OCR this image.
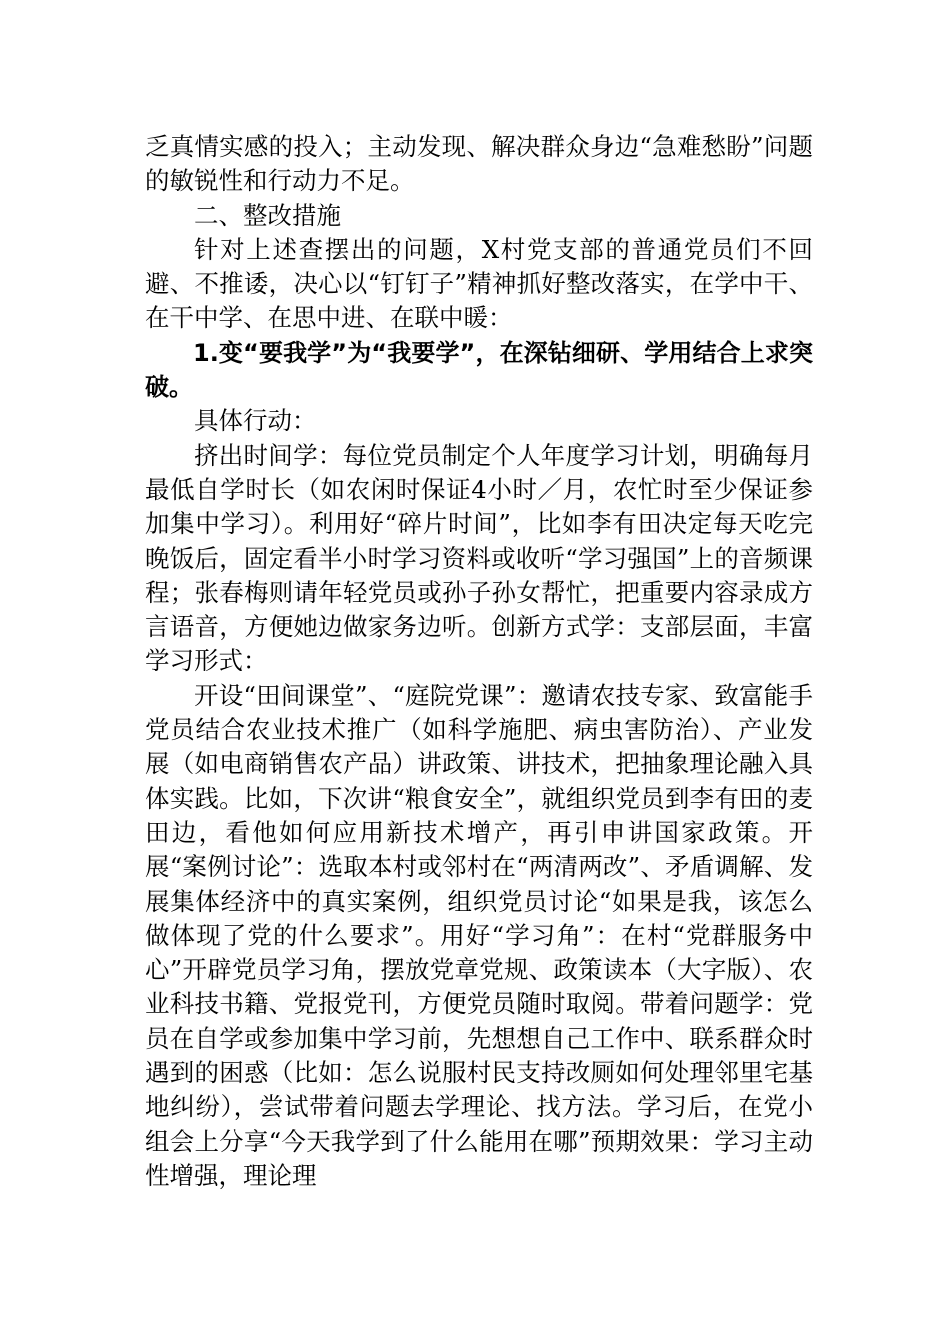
乏真情实感的投入；主动发现、解决群众身边“急难愁盼”问题的敏锐性和行动力不足。

二、整改措施

针对上述查摆出的问题，X村党支部的普通党员们不回避、不推诿，决心以“钉钉子”精神抓好整改落实，在学中干、在干中学、在思中进、在联中暖：

1.变“要我学”为“我要学”，在深钻细研、学用结合上求突破。

具体行动：

挤出时间学：每位党员制定个人年度学习计划，明确每月最低自学时长（如农闲时保证4小时／月，农忙时至少保证参加集中学习）。利用好“碎片时间”，比如李有田决定每天吃完晚饭后，固定看半小时学习资料或收听“学习强国”上的音频课程；张春梅则请年轻党员或孙子孙女帮忙，把重要内容录成方言语音，方便她边做家务边听。创新方式学：支部层面，丰富学习形式：

开设“田间课堂”、“庭院党课”：邀请农技专家、致富能手党员结合农业技术推广（如科学施肥、病虫害防治）、产业发展（如电商销售农产品）讲政策、讲技术，把抽象理论融入具体实践。比如，下次讲“粮食安全”，就组织党员到李有田的麦田边，看他如何应用新技术增产，再引申讲国家政策。开展“案例讨论”：选取本村或邻村在“两清两改”、矛盾调解、发展集体经济中的真实案例，组织党员讨论“如果是我，该怎么做体现了党的什么要求”。用好“学习角”：在村“党群服务中心”开辟党员学习角，摆放党章党规、政策读本（大字版）、农业科技书籍、党报党刊，方便党员随时取阅。带着问题学：党员在自学或参加集中学习前，先想想自己工作中、联系群众时遇到的困惑（比如：怎么说服村民支持改厕如何处理邻里宅基地纠纷），尝试带着问题去学理论、找方法。学习后，在党小组会上分享“今天我学到了什么能用在哪”预期效果：学习主动性增强，理论理
